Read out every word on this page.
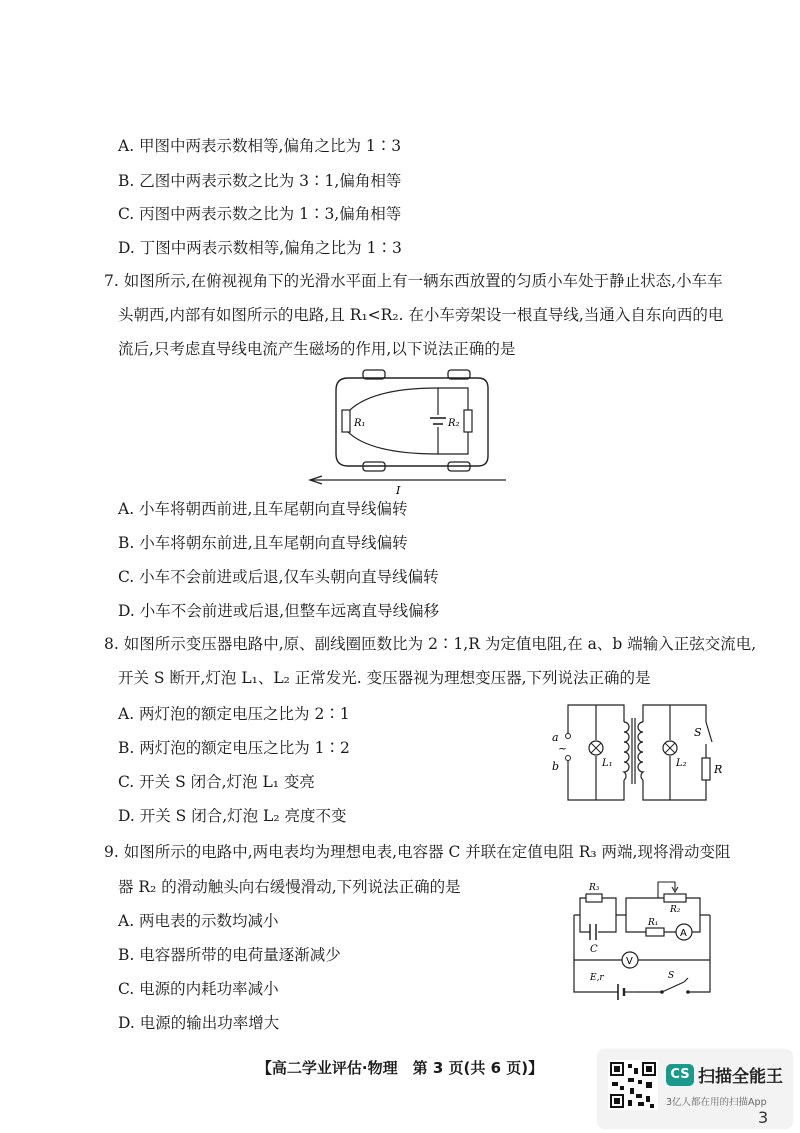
A. 甲图中两表示数相等,偏角之比为 1∶3
B. 乙图中两表示数之比为 3∶1,偏角相等
C. 丙图中两表示数之比为 1∶3,偏角相等
D. 丁图中两表示数相等,偏角之比为 1∶3
7. 如图所示,在俯视视角下的光滑水平面上有一辆东西放置的匀质小车处于静止状态,小车车
头朝西,内部有如图所示的电路,且 R₁<R₂. 在小车旁架设一根直导线,当通入自东向西的电
流后,只考虑直导线电流产生磁场的作用,以下说法正确的是
R₁	R₂
I
A. 小车将朝西前进,且车尾朝向直导线偏转
B. 小车将朝东前进,且车尾朝向直导线偏转
C. 小车不会前进或后退,仅车头朝向直导线偏转
D. 小车不会前进或后退,但整车远离直导线偏移
8. 如图所示变压器电路中,原、副线圈匝数比为 2∶1,R 为定值电阻,在 a、b 端输入正弦交流电,
开关 S 断开,灯泡 L₁、L₂ 正常发光. 变压器视为理想变压器,下列说法正确的是
A. 两灯泡的额定电压之比为 2∶1
B. 两灯泡的额定电压之比为 1∶2
C. 开关 S 闭合,灯泡 L₁ 变亮
D. 开关 S 闭合,灯泡 L₂ 亮度不变
a
b
~
L₁	L₂
S
R
9. 如图所示的电路中,两电表均为理想电表,电容器 C 并联在定值电阻 R₃ 两端,现将滑动变阻
器 R₂ 的滑动触头向右缓慢滑动,下列说法正确的是
A. 两电表的示数均减小
B. 电容器所带的电荷量逐渐减少
C. 电源的内耗功率减小
D. 电源的输出功率增大
R₃
C
R₂
R₁
A
V
E,r	S
【高二学业评估·物理　第 3 页(共 6 页)】	CS 扫描全能王
3亿人都在用的扫描App
3
